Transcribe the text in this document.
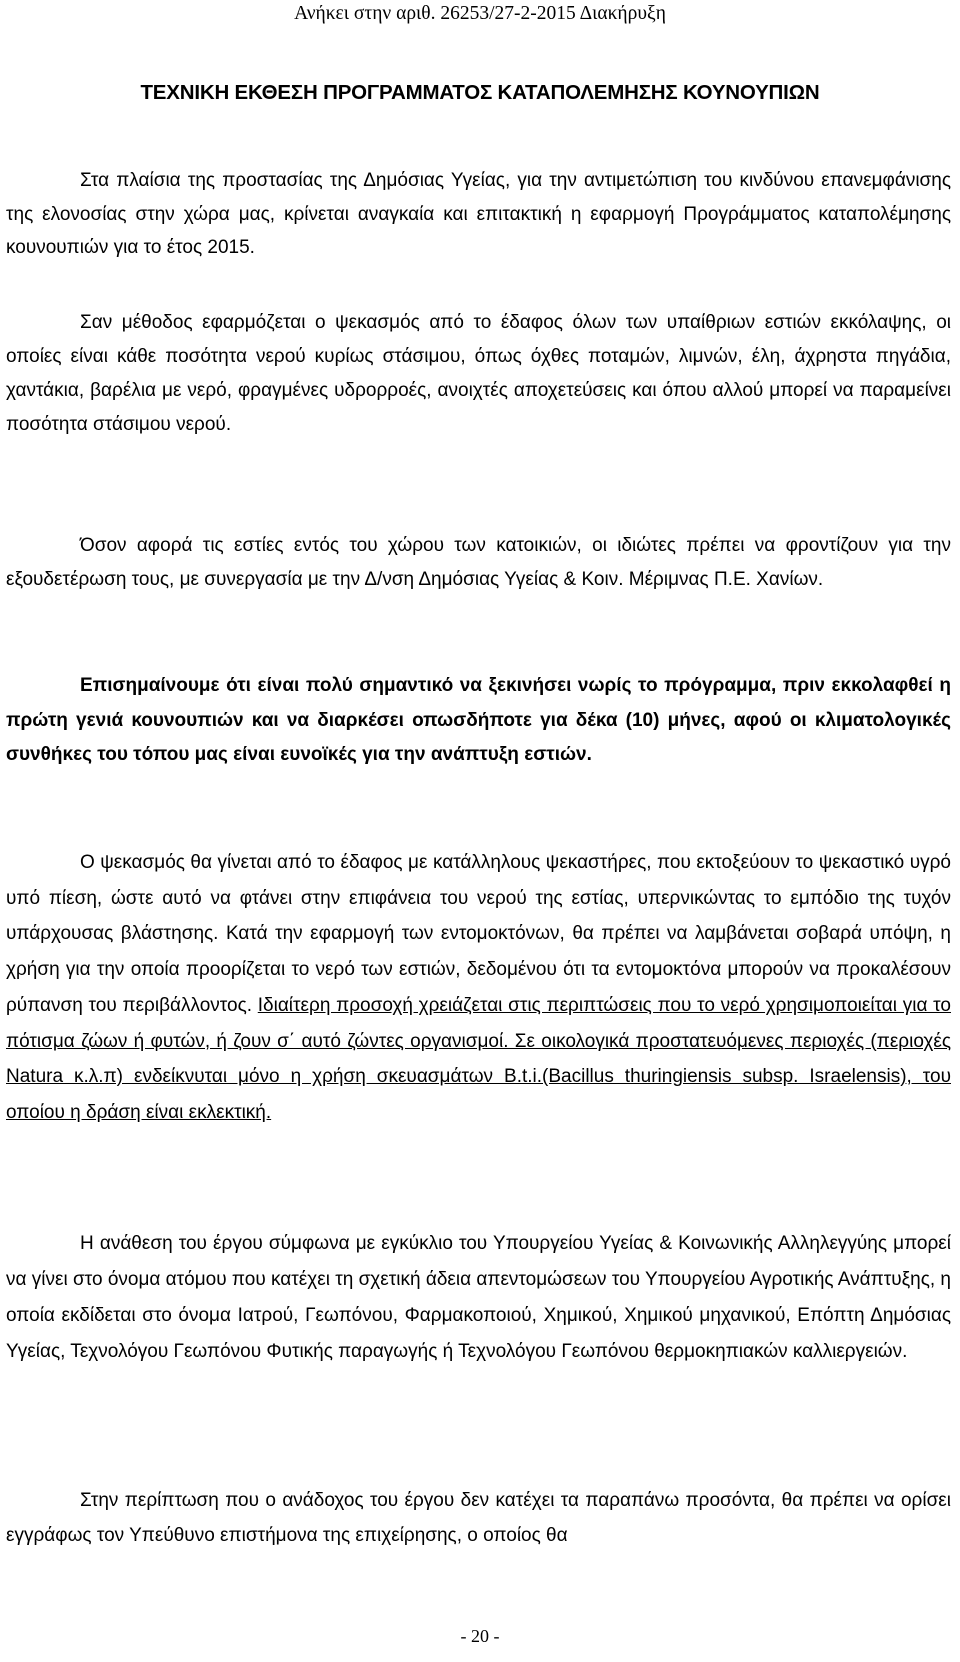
Ανήκει στην αριθ. 26253/27-2-2015 Διακήρυξη
ΤΕΧΝΙΚΗ ΕΚΘΕΣΗ ΠΡΟΓΡΑΜΜΑΤΟΣ ΚΑΤΑΠΟΛΕΜΗΣΗΣ ΚΟΥΝΟΥΠΙΩΝ

Στα πλαίσια της προστασίας της Δημόσιας Υγείας, για την αντιμετώπιση του κινδύνου επανεμφάνισης της ελονοσίας στην χώρα μας, κρίνεται αναγκαία και επιτακτική η εφαρμογή Προγράμματος καταπολέμησης κουνουπιών για το έτος 2015.

Σαν μέθοδος εφαρμόζεται ο ψεκασμός από το έδαφος όλων των υπαίθριων εστιών εκκόλαψης, οι οποίες είναι κάθε ποσότητα νερού κυρίως στάσιμου, όπως όχθες ποταμών, λιμνών, έλη, άχρηστα πηγάδια, χαντάκια, βαρέλια με νερό, φραγμένες υδρορροές, ανοιχτές αποχετεύσεις και όπου αλλού μπορεί να παραμείνει ποσότητα στάσιμου νερού.

Όσον αφορά τις εστίες εντός του χώρου των κατοικιών, οι ιδιώτες πρέπει να φροντίζουν για την εξουδετέρωση τους, με συνεργασία με την Δ/νση Δημόσιας Υγείας & Κοιν. Μέριμνας Π.Ε. Χανίων.

Επισημαίνουμε ότι είναι πολύ σημαντικό να ξεκινήσει νωρίς το πρόγραμμα, πριν εκκολαφθεί η πρώτη γενιά κουνουπιών και να διαρκέσει οπωσδήποτε για δέκα (10) μήνες, αφού οι κλιματολογικές συνθήκες του τόπου μας είναι ευνοϊκές για την ανάπτυξη εστιών.

Ο ψεκασμός θα γίνεται από το έδαφος με κατάλληλους ψεκαστήρες, που εκτοξεύουν το ψεκαστικό υγρό υπό πίεση, ώστε αυτό να φτάνει στην επιφάνεια του νερού της εστίας, υπερνικώντας το εμπόδιο της τυχόν υπάρχουσας βλάστησης. Κατά την εφαρμογή των εντομοκτόνων, θα πρέπει να λαμβάνεται σοβαρά υπόψη, η χρήση για την οποία προορίζεται το νερό των εστιών, δεδομένου ότι τα εντομοκτόνα μπορούν να προκαλέσουν ρύπανση του περιβάλλοντος. Ιδιαίτερη προσοχή χρειάζεται στις περιπτώσεις που το νερό χρησιμοποιείται για το πότισμα ζώων ή φυτών, ή ζουν σ΄ αυτό ζώντες οργανισμοί. Σε οικολογικά προστατευόμενες περιοχές (περιοχές Natura κ.λ.π) ενδείκνυται μόνο η χρήση σκευασμάτων B.t.i.(Bacillus thuringiensis subsp. Israelensis), του οποίου η δράση είναι εκλεκτική.

Η ανάθεση του έργου σύμφωνα με εγκύκλιο του Υπουργείου Υγείας & Κοινωνικής Αλληλεγγύης μπορεί να γίνει στο όνομα ατόμου που κατέχει τη σχετική άδεια απεντομώσεων του Υπουργείου Αγροτικής Ανάπτυξης, η οποία εκδίδεται στο όνομα Ιατρού, Γεωπόνου, Φαρμακοποιού, Χημικού, Χημικού μηχανικού, Επόπτη Δημόσιας Υγείας, Τεχνολόγου Γεωπόνου Φυτικής παραγωγής ή Τεχνολόγου Γεωπόνου θερμοκηπιακών καλλιεργειών.

Στην περίπτωση που ο ανάδοχος του έργου δεν κατέχει τα παραπάνω προσόντα, θα πρέπει να ορίσει εγγράφως τον Υπεύθυνο επιστήμονα της επιχείρησης, ο οποίος θα

- 20 -
